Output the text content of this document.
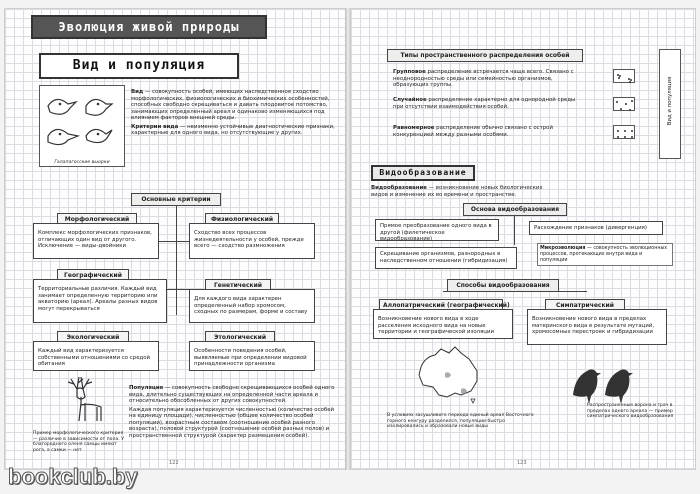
Эволюция живой природы
Вид и популяция
Галапагосские вьюрки

Вид — совокупность особей, имеющих наследственное сходство морфологических, физиологических и биохимических особенностей, способных свободно скрещиваться и давать плодовитое потомство, занимающих определенный ареал и одинаково изменяющихся под влиянием факторов внешней среды.

Критерии вида — неизменно устойчивые диагностические признаки, характерные для одного вида, но отсутствующие у других.

Основные критерии
Морфологический
Комплекс морфологических признаков, отличающих один вид от другого. Исключение — виды-двойники
Физиологический
Сходство всех процессов жизнедеятельности у особей, прежде всего — сходство размножения
Географический
Территориальные различия. Каждый вид занимает определенную территорию или акваторию (ареал). Ареалы разных видов могут перекрываться
Генетический
Для каждого вида характерен определенный набор хромосом, сходных по размерам, форме и составу
Экологический
Каждый вид характеризуется собственными отношениями со средой обитания
Этологический
Особенности поведения особей, выявляемые при определении видовой принадлежности организма
Пример морфологического критерия — различие в зависимости от пола. У благородного оленя самцы имеют рога, а самки — нет

Популяция — совокупность свободно скрещивающихся особей одного вида, длительно существующих на определенной части ареала и относительно обособленных от других совокупностей.

Каждая популяция характеризуется численностью (количество особей на единицу площади), численностью (общее количество особей популяции), возрастным составом (соотношение особей разного возраста), половой структурой (соотношение особей разных полов) и пространственной структурой (характер размещения особей).

122
Типы пространственного распределения особей
Групповое распределение встречается чаще всего. Связано с неоднородностью среды или семейностью организмов, образующих группы.
Случайное распределение характерно для однородной среды при отсутствии взаимодействия особей.
Равномерное распределение обычно связано с острой конкуренцией между разными особями.
Вид и популяция
Видообразование
Видообразование — возникновение новых биологических видов и изменение их во времени и пространстве.
Основа видообразования
Прямое преобразование одного вида в другой (филетическое видообразование)
Расхождение признаков (дивергенция)
Скрещивание организмов, разнородных в наследственном отношении (гибридизация)
Микроэволюция — совокупность эволюционных процессов, протекающих внутри вида и популяции
Способы видообразования
Аллопатрический (географический)
Возникновение нового вида в ходе расселения исходного вида на новые территории и географической изоляции
Симпатрический
Возникновение нового вида в пределах материнского вида в результате мутаций, хромосомных перестроек и гибридизации
В условиях засушливого периода единый ареал Восточного горного кенгуру разделился, популяции быстро изолировались и образовали новые виды
Распространенные ворона и грач в пределах одного ареала — пример симпатрического видообразования
123
bookclub.by
